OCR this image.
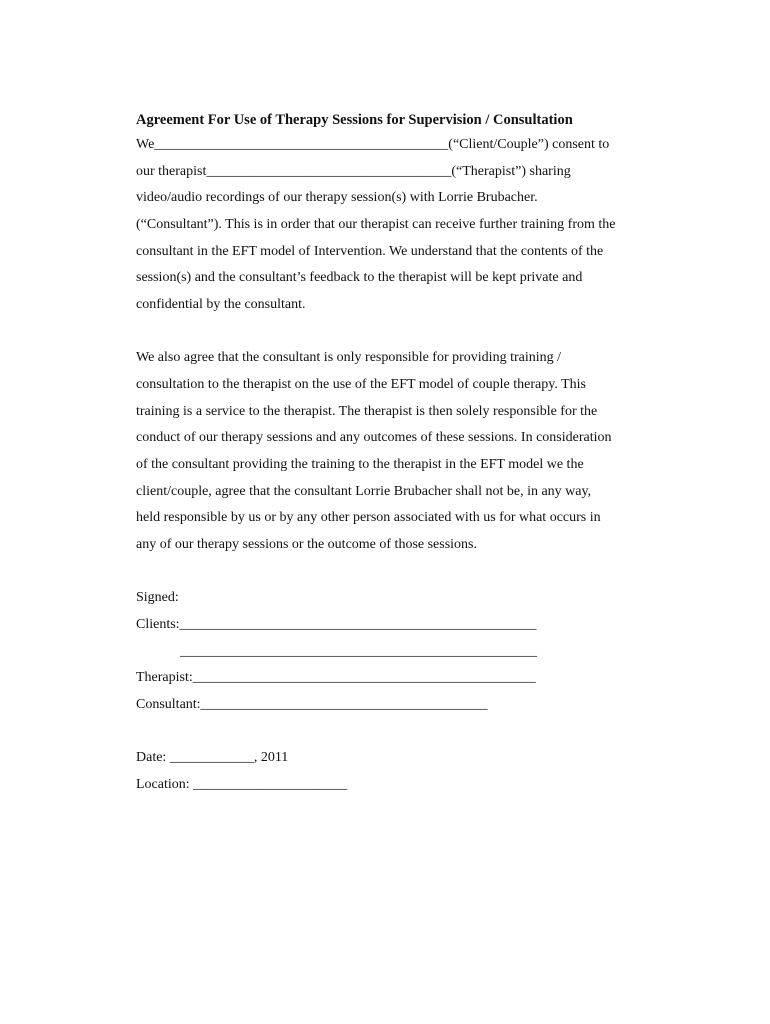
Agreement For Use of Therapy Sessions for Supervision / Consultation
We__________________________________________(“Client/Couple”) consent to
our therapist___________________________________(“Therapist”) sharing
video/audio recordings of our therapy session(s) with Lorrie Brubacher.
(“Consultant”). This is in order that our therapist can receive further training from the
consultant in the EFT model of Intervention. We understand that the contents of the
session(s) and the consultant’s feedback to the therapist will be kept private and
confidential by the consultant.
We also agree that the consultant is only responsible for providing training /
consultation to the therapist on the use of the EFT model of couple therapy. This
training is a service to the therapist. The therapist is then solely responsible for the
conduct of our therapy sessions and any outcomes of these sessions. In consideration
of the consultant providing the training to the therapist in the EFT model we the
client/couple, agree that the consultant Lorrie Brubacher shall not be, in any way,
held responsible by us or by any other person associated with us for what occurs in
any of our therapy sessions or the outcome of those sessions.
Signed:
Clients:___________________________________________________
___________________________________________________
Therapist:_________________________________________________
Consultant:_________________________________________
Date: ____________, 2011
Location: ______________________
